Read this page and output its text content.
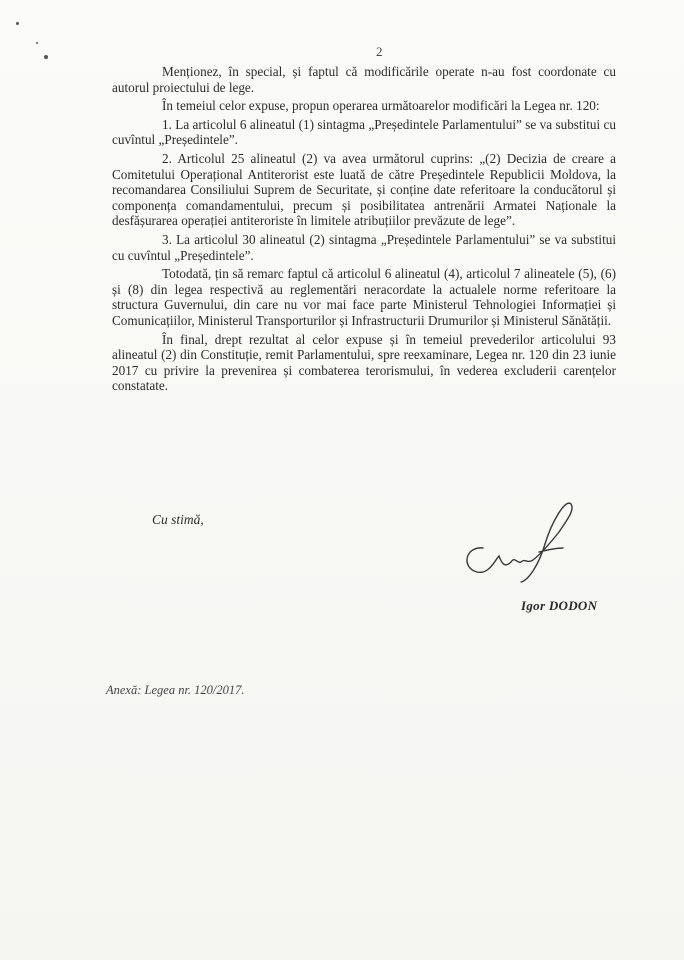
2

Menționez, în special, și faptul că modificările operate n-au fost coordonate cu autorul proiectului de lege.

În temeiul celor expuse, propun operarea următoarelor modificări la Legea nr. 120:

1. La articolul 6 alineatul (1) sintagma „Președintele Parlamentului” se va substitui cu cuvîntul „Președintele”.

2. Articolul 25 alineatul (2) va avea următorul cuprins: „(2) Decizia de creare a Comitetului Operațional Antiterorist este luată de către Președintele Republicii Moldova, la recomandarea Consiliului Suprem de Securitate, și conține date referitoare la conducătorul și componența comandamentului, precum și posibilitatea antrenării Armatei Naționale la desfășurarea operației antiteroriste în limitele atribuțiilor prevăzute de lege”.

3. La articolul 30 alineatul (2) sintagma „Președintele Parlamentului” se va substitui cu cuvîntul „Președintele”.

Totodată, țin să remarc faptul că articolul 6 alineatul (4), articolul 7 alineatele (5), (6) și (8) din legea respectivă au reglementări neracordate la actualele norme referitoare la structura Guvernului, din care nu vor mai face parte Ministerul Tehnologiei Informației și Comunicațiilor, Ministerul Transporturilor și Infrastructurii Drumurilor și Ministerul Sănătății.

În final, drept rezultat al celor expuse și în temeiul prevederilor articolului 93 alineatul (2) din Constituție, remit Parlamentului, spre reexaminare, Legea nr. 120 din 23 iunie 2017 cu privire la prevenirea și combaterea terorismului, în vederea excluderii carențelor constatate.

Cu stimă,
Igor DODON
Anexă: Legea nr. 120/2017.
